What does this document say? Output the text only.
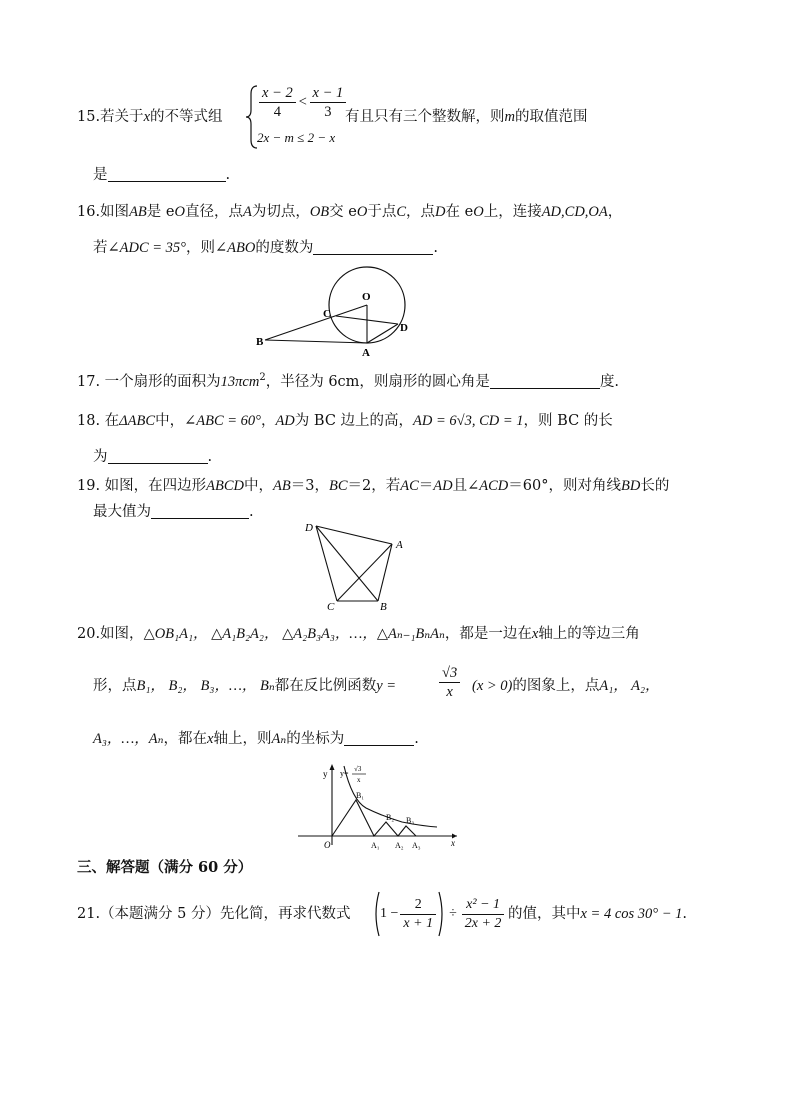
15.若关于x的不等式组	$\frac{x - 2}{4} < \frac{x - 1}{3}$
2x − m ≤ 2 − x
有且只有三个整数解，则m的取值范围
是	.
16.如图AB是 eO直径，点A为切点，OB交 eO于点C，点D在 eO上，连接AD,CD,OA，
若∠ADC = 35°，则∠ABO的度数为	.
O
C
D
B
A
17. 一个扇形的面积为13πcm$^2$，半径为 6cm，则扇形的圆心角是	度.
18. 在ΔABC中，∠ABC = 60°，AD为 BC 边上的高，AD = 6√3, CD = 1，则 BC 的长
为	.
19. 如图，在四边形ABCD中，AB＝3，BC＝2，若AC＝AD且∠ACD＝60°，则对角线BD长的
最大值为	.
D
A
C	B
20.如图，△OB₁A₁， △A₁B₂A₂， △A₂B₃A₃，…，△Aₙ₋₁BₙAₙ，都是一边在x轴上的等边三角
形，点B₁， B₂， B₃，…， Bₙ都在反比例函数y =	$\frac{√3}{x} (x > 0)$的图象上，点A₁， A₂，
A₃，…，Aₙ，都在x轴上，则Aₙ的坐标为	.
y y= √3
x
O	x
B₁
B₂ B₃
A₁ A₂ A₃
三、解答题（满分 60 分）
21.（本题满分 5 分）先化简，再求代数式	$1 - \frac{2}{x + 1} \div \frac{\text{x² − 1}}{2x + 2}$ 的值，其中x = 4 cos 30° − 1.
